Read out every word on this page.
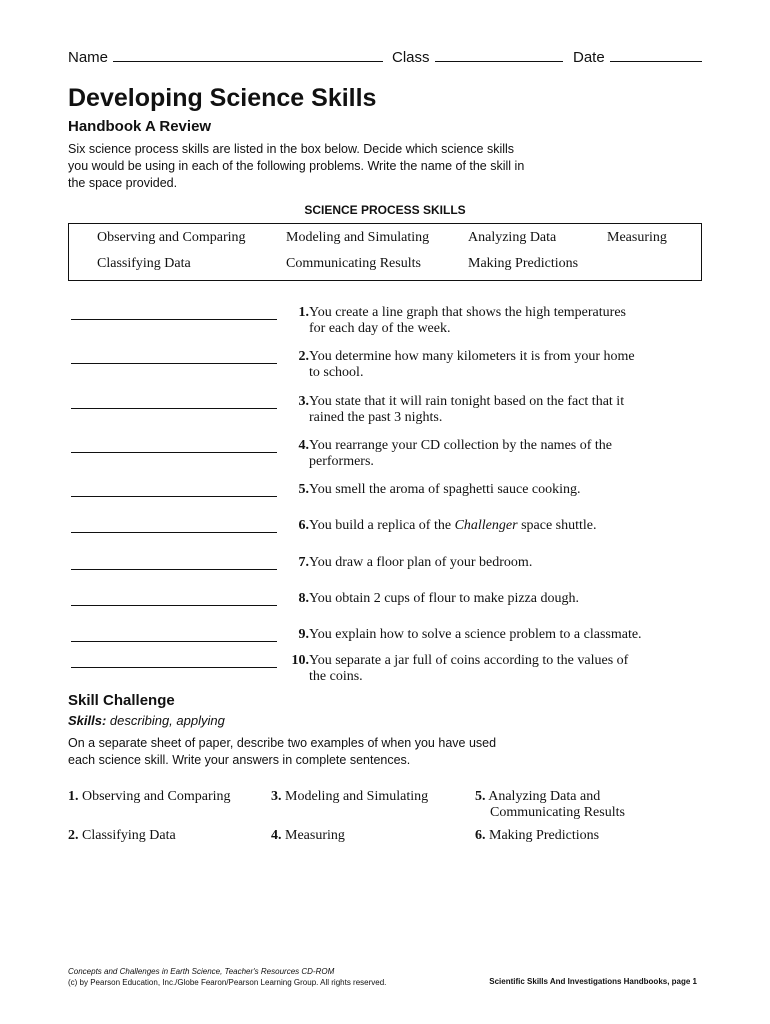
Name	Class	Date
Developing Science Skills
Handbook A Review

Six science process skills are listed in the box below. Decide which science skills you would be using in each of the following problems. Write the name of the skill in the space provided.

SCIENCE PROCESS SKILLS
Observing and Comparing	Modeling and Simulating	Analyzing Data	Measuring
Classifying Data	Communicating Results	Making Predictions
1. You create a line graph that shows the high temperatures
for each day of the week.
2. You determine how many kilometers it is from your home
to school.
3. You state that it will rain tonight based on the fact that it
rained the past 3 nights.
4. You rearrange your CD collection by the names of the
performers.
5. You smell the aroma of spaghetti sauce cooking.
6. You build a replica of the Challenger space shuttle.
7. You draw a floor plan of your bedroom.
8. You obtain 2 cups of flour to make pizza dough.
9. You explain how to solve a science problem to a classmate.
10. You separate a jar full of coins according to the values of
the coins.
Skill Challenge
Skills: describing, applying

On a separate sheet of paper, describe two examples of when you have used each science skill. Write your answers in complete sentences.

1. Observing and Comparing
2. Classifying Data
3. Modeling and Simulating
4. Measuring
5. Analyzing Data and
Communicating Results
6. Making Predictions
Concepts and Challenges in Earth Science, Teacher's Resources CD-ROM
(c) by Pearson Education, Inc./Globe Fearon/Pearson Learning Group. All rights reserved.	Scientific Skills And Investigations Handbooks, page 1
